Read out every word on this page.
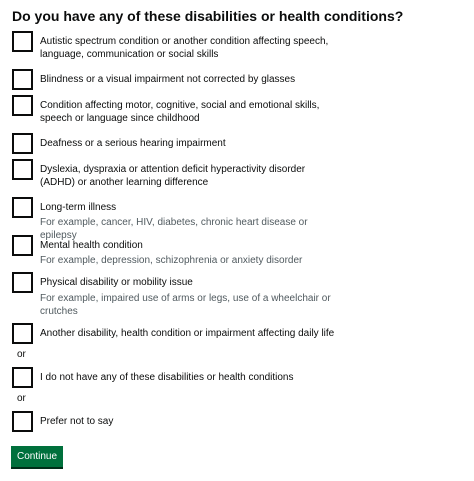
Do you have any of these disabilities or health conditions?
Autistic spectrum condition or another condition affecting speech, language, communication or social skills
Blindness or a visual impairment not corrected by glasses
Condition affecting motor, cognitive, social and emotional skills, speech or language since childhood
Deafness or a serious hearing impairment
Dyslexia, dyspraxia or attention deficit hyperactivity disorder (ADHD) or another learning difference
Long-term illness
For example, cancer, HIV, diabetes, chronic heart disease or epilepsy
Mental health condition
For example, depression, schizophrenia or anxiety disorder
Physical disability or mobility issue
For example, impaired use of arms or legs, use of a wheelchair or crutches
Another disability, health condition or impairment affecting daily life
or
I do not have any of these disabilities or health conditions
or
Prefer not to say
Continue
